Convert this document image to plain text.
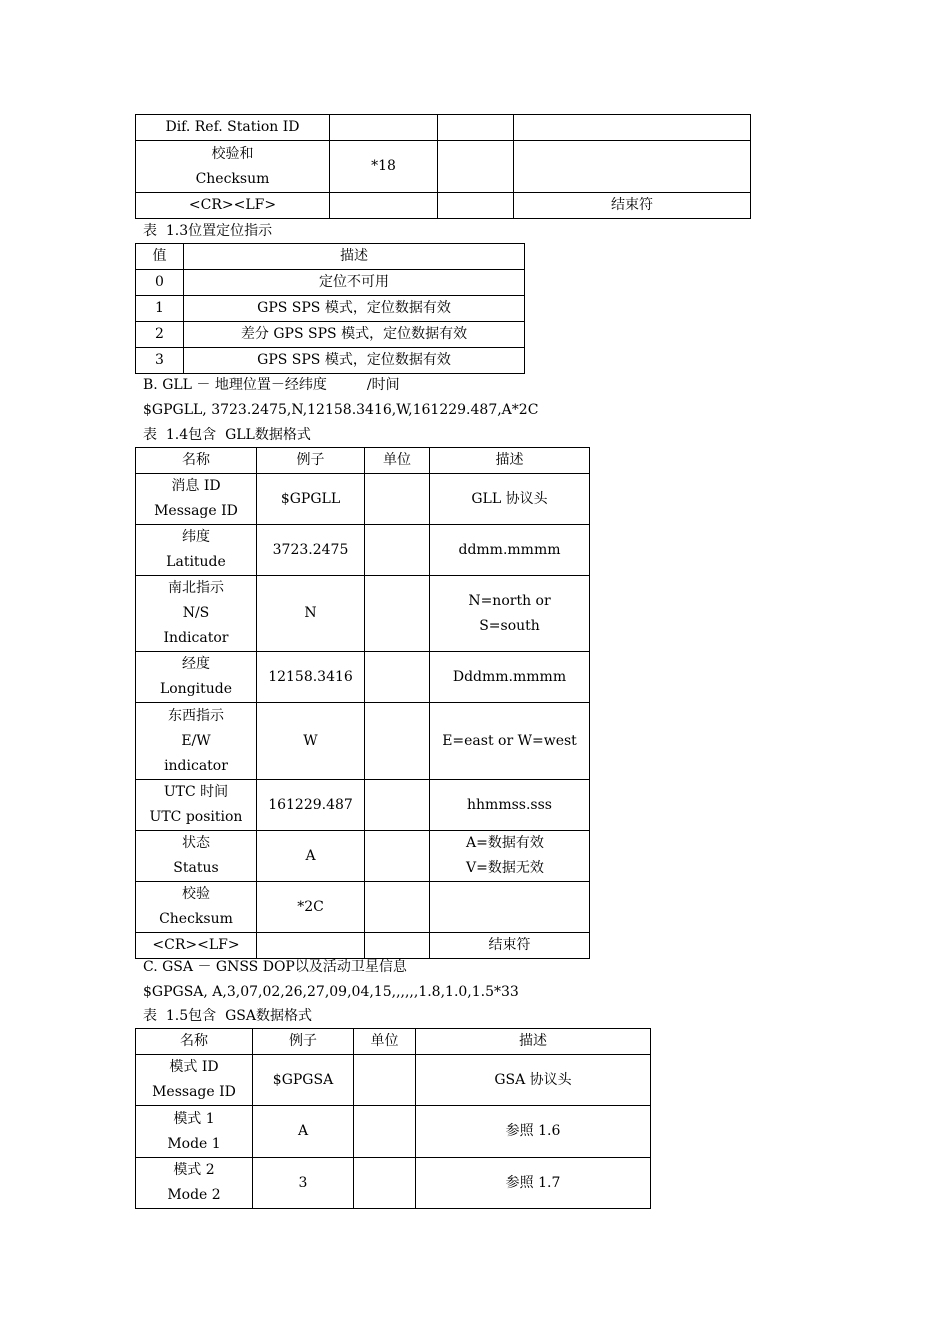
Dif. Ref. Station ID			
校验和
Checksum	*18		
<CR><LF>			结束符
表  1.3位置定位指示
值	描述
0	定位不可用
1	GPS SPS 模式，定位数据有效
2	差分 GPS SPS 模式，定位数据有效
3	GPS SPS 模式，定位数据有效
B. GLL － 地理位置－经纬度         /时间
$GPGLL, 3723.2475,N,12158.3416,W,161229.487,A*2C
表  1.4包含  GLL数据格式
名称	例子	单位	描述
消息 ID
Message ID	$GPGLL		GLL 协议头
纬度
Latitude	3723.2475		ddmm.mmmm
南北指示
N/S
Indicator	N		N=north or
S=south
经度
Longitude	12158.3416		Dddmm.mmmm
东西指示
E/W
indicator	W		E=east or W=west
UTC 时间
UTC position	161229.487		hhmmss.sss
状态
Status	A		A=数据有效
V=数据无效
校验
Checksum	*2C		
<CR><LF>			结束符
C. GSA － GNSS DOP以及活动卫星信息
$GPGSA, A,3,07,02,26,27,09,04,15,,,,,,1.8,1.0,1.5*33
表  1.5包含  GSA数据格式
名称	例子	单位	描述
模式 ID
Message ID	$GPGSA		GSA 协议头
模式 1
Mode 1	A		参照 1.6
模式 2
Mode 2	3		参照 1.7
